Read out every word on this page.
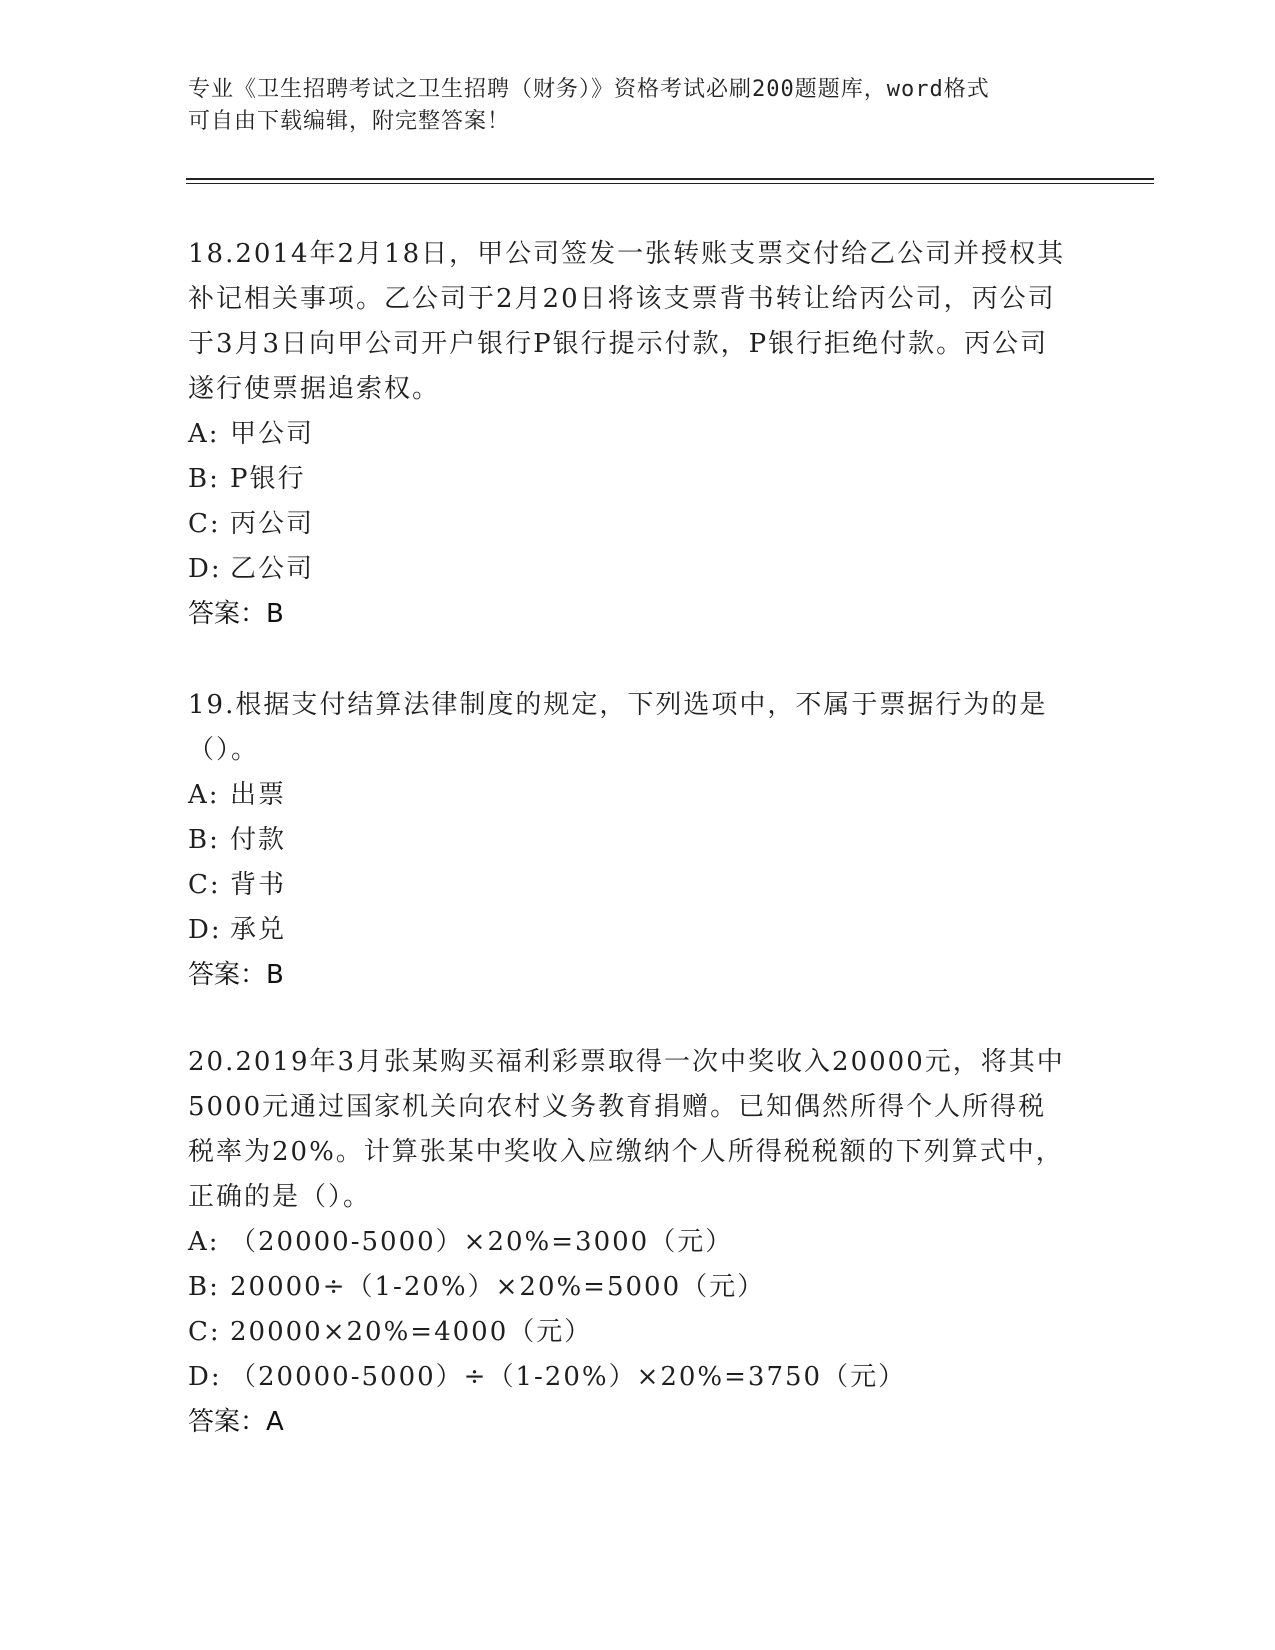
专业《卫生招聘考试之卫生招聘（财务）》资格考试必刷200题题库，word格式
可自由下载编辑，附完整答案！

18.2014年2月18日，甲公司签发一张转账支票交付给乙公司并授权其补记相关事项。乙公司于2月20日将该支票背书转让给丙公司，丙公司于3月3日向甲公司开户银行P银行提示付款，P银行拒绝付款。丙公司遂行使票据追索权。

A: 甲公司
B: P银行
C: 丙公司
D: 乙公司

答案：B

19.根据支付结算法律制度的规定，下列选项中，不属于票据行为的是（）。

A: 出票
B: 付款
C: 背书
D: 承兑

答案：B

20.2019年3月张某购买福利彩票取得一次中奖收入20000元，将其中5000元通过国家机关向农村义务教育捐赠。已知偶然所得个人所得税税率为20%。计算张某中奖收入应缴纳个人所得税税额的下列算式中，正确的是（）。

A: （20000-5000）×20%=3000（元）
B: 20000÷（1-20%）×20%=5000（元）
C: 20000×20%=4000（元）
D: （20000-5000）÷（1-20%）×20%=3750（元）

答案：A
